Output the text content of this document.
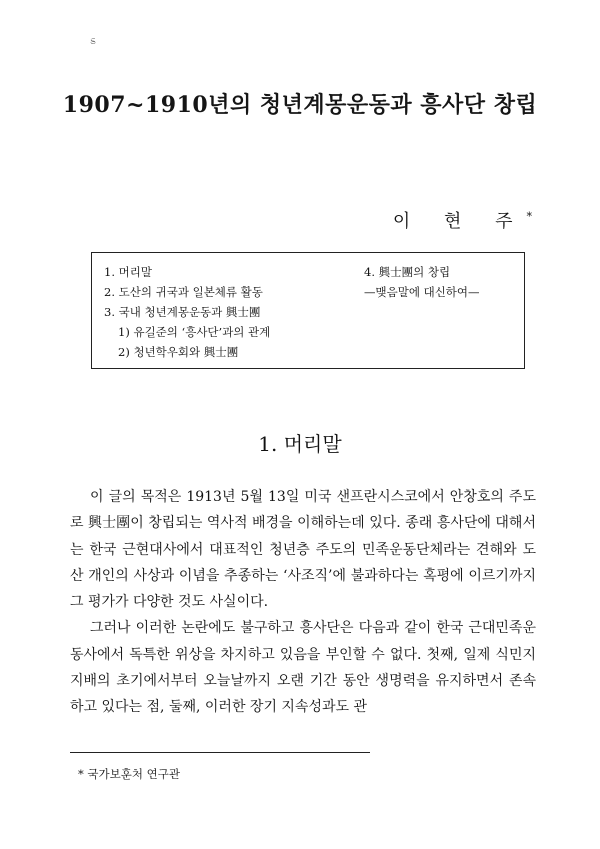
ಽ
1907~1910년의 청년계몽운동과 흥사단 창립
이 현 주*
1. 머리말
2. 도산의 귀국과 일본체류 활동
3. 국내 청년계몽운동과 興士團
1) 유길준의 ‘흥사단’과의 관계
2) 청년학우회와 興士團
4. 興士團의 창립
—맺음말에 대신하여—
1. 머리말

이 글의 목적은 1913년 5월 13일 미국 샌프란시스코에서 안창호의 주도로 興士團이 창립되는 역사적 배경을 이해하는데 있다. 종래 흥사단에 대해서는 한국 근현대사에서 대표적인 청년층 주도의 민족운동단체라는 견해와 도산 개인의 사상과 이념을 추종하는 ‘사조직’에 불과하다는 혹평에 이르기까지 그 평가가 다양한 것도 사실이다.

그러나 이러한 논란에도 불구하고 흥사단은 다음과 같이 한국 근대민족운동사에서 독특한 위상을 차지하고 있음을 부인할 수 없다. 첫째, 일제 식민지 지배의 초기에서부터 오늘날까지 오랜 기간 동안 생명력을 유지하면서 존속하고 있다는 점, 둘째, 이러한 장기 지속성과도 관

* 국가보훈처 연구관
